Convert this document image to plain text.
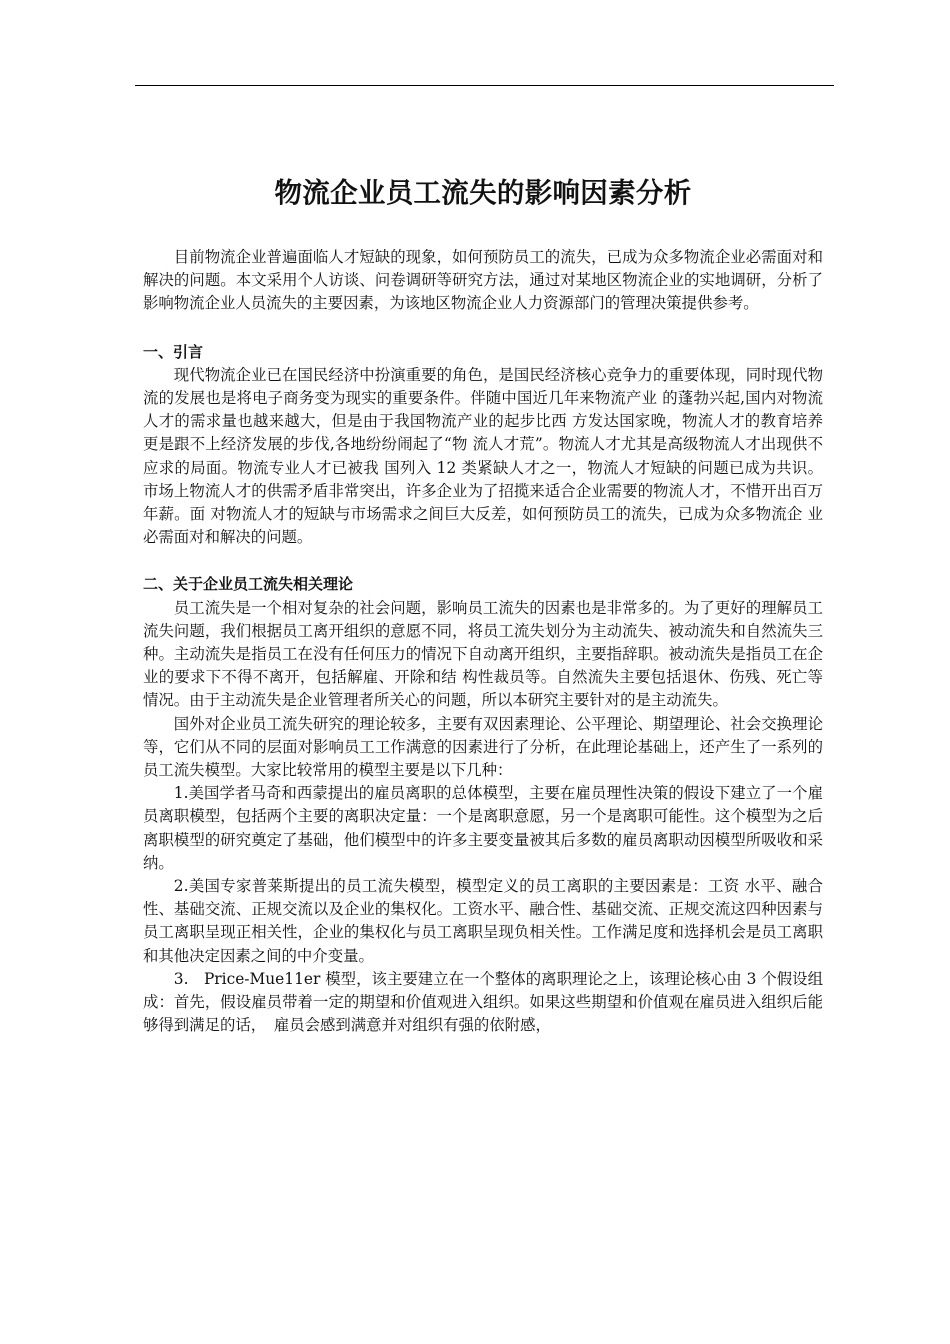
物流企业员工流失的影响因素分析

目前物流企业普遍面临人才短缺的现象，如何预防员工的流失，已成为众多物流企业必需面对和解决的问题。本文采用个人访谈、问卷调研等研究方法，通过对某地区物流企业的实地调研，分析了影响物流企业人员流失的主要因素，为该地区物流企业人力资源部门的管理决策提供参考。

一、引言

现代物流企业已在国民经济中扮演重要的角色，是国民经济核心竞争力的重要体现，同时现代物流的发展也是将电子商务变为现实的重要条件。伴随中国近几年来物流产业 的蓬勃兴起,国内对物流人才的需求量也越来越大，但是由于我国物流产业的起步比西 方发达国家晚，物流人才的教育培养更是跟不上经济发展的步伐,各地纷纷闹起了“物 流人才荒”。物流人才尤其是高级物流人才出现供不应求的局面。物流专业人才已被我 国列入 12 类紧缺人才之一，物流人才短缺的问题已成为共识。市场上物流人才的供需矛盾非常突出，许多企业为了招揽来适合企业需要的物流人才，不惜开出百万年薪。面 对物流人才的短缺与市场需求之间巨大反差，如何预防员工的流失，已成为众多物流企 业必需面对和解决的问题。

二、关于企业员工流失相关理论

员工流失是一个相对复杂的社会问题，影响员工流失的因素也是非常多的。为了更好的理解员工流失问题，我们根据员工离开组织的意愿不同，将员工流失划分为主动流失、被动流失和自然流失三种。主动流失是指员工在没有任何压力的情况下自动离开组织，主要指辞职。被动流失是指员工在企业的要求下不得不离开，包括解雇、开除和结 构性裁员等。自然流失主要包括退休、伤残、死亡等情况。由于主动流失是企业管理者所关心的问题，所以本研究主要针对的是主动流失。

国外对企业员工流失研究的理论较多，主要有双因素理论、公平理论、期望理论、社会交换理论等，它们从不同的层面对影响员工工作满意的因素进行了分析，在此理论基础上，还产生了一系列的员工流失模型。大家比较常用的模型主要是以下几种：

1.美国学者马奇和西蒙提出的雇员离职的总体模型，主要在雇员理性决策的假设下建立了一个雇员离职模型，包括两个主要的离职决定量：一个是离职意愿，另一个是离职可能性。这个模型为之后离职模型的研究奠定了基础，他们模型中的许多主要变量被其后多数的雇员离职动因模型所吸收和采纳。

2.美国专家普莱斯提出的员工流失模型，模型定义的员工离职的主要因素是：工资 水平、融合性、基础交流、正规交流以及企业的集权化。工资水平、融合性、基础交流、正规交流这四种因素与员工离职呈现正相关性，企业的集权化与员工离职呈现负相关性。工作满足度和选择机会是员工离职和其他决定因素之间的中介变量。

3.　Price-Mue11er 模型，该主要建立在一个整体的离职理论之上，该理论核心由 3 个假设组成：首先，假设雇员带着一定的期望和价值观进入组织。如果这些期望和价值观在雇员进入组织后能够得到满足的话，　雇员会感到满意并对组织有强的依附感，
